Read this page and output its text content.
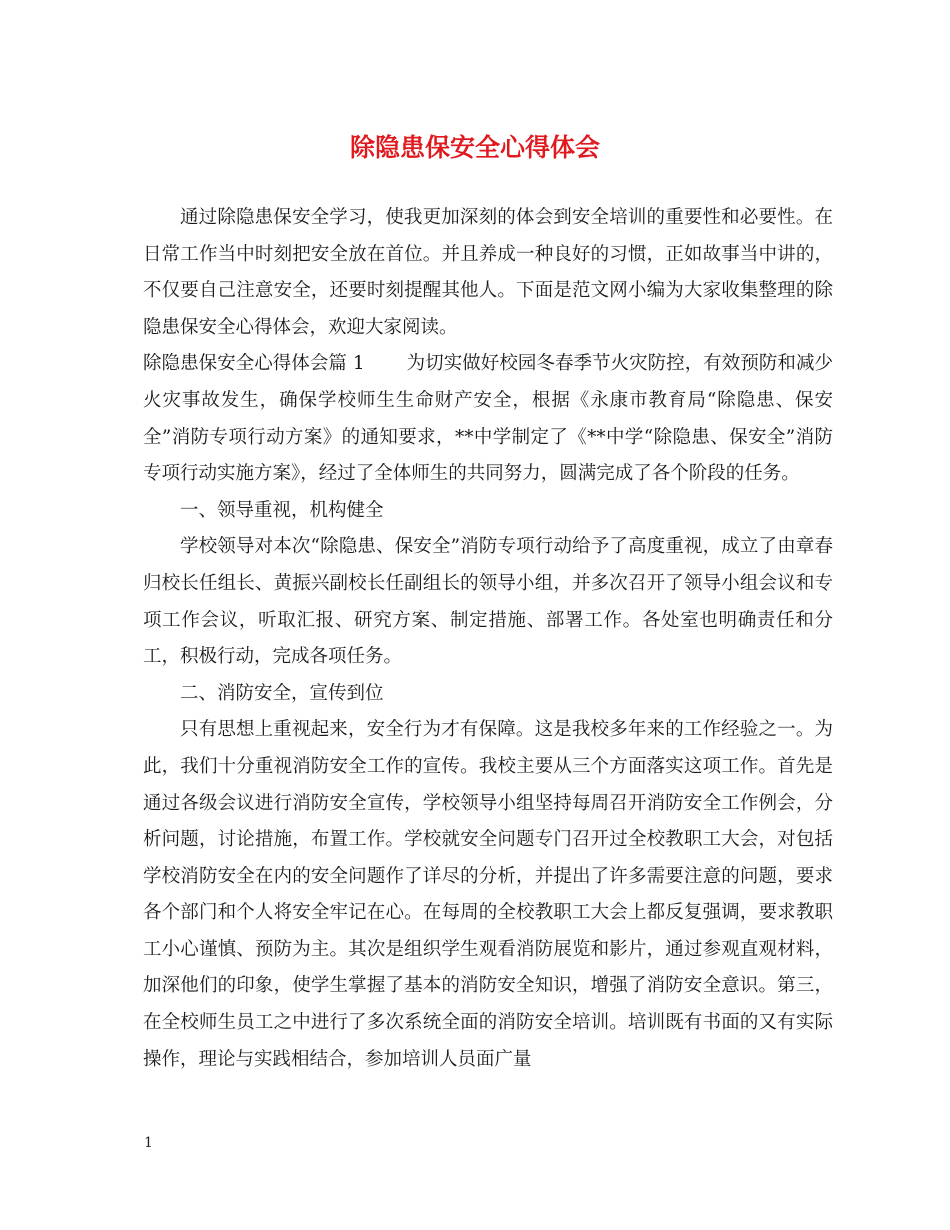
除隐患保安全心得体会

通过除隐患保安全学习，使我更加深刻的体会到安全培训的重要性和必要性。在日常工作当中时刻把安全放在首位。并且养成一种良好的习惯，正如故事当中讲的，不仅要自己注意安全，还要时刻提醒其他人。下面是范文网小编为大家收集整理的除隐患保安全心得体会，欢迎大家阅读。

除隐患保安全心得体会篇 1 为切实做好校园冬春季节火灾防控，有效预防和减少火灾事故发生，确保学校师生生命财产安全，根据《永康市教育局“除隐患、保安全”消防专项行动方案》的通知要求，**中学制定了《**中学“除隐患、保安全”消防专项行动实施方案》，经过了全体师生的共同努力，圆满完成了各个阶段的任务。

一、领导重视，机构健全

学校领导对本次“除隐患、保安全”消防专项行动给予了高度重视，成立了由章春归校长任组长、黄振兴副校长任副组长的领导小组，并多次召开了领导小组会议和专项工作会议，听取汇报、研究方案、制定措施、部署工作。各处室也明确责任和分工，积极行动，完成各项任务。

二、消防安全，宣传到位

只有思想上重视起来，安全行为才有保障。这是我校多年来的工作经验之一。为此，我们十分重视消防安全工作的宣传。我校主要从三个方面落实这项工作。首先是通过各级会议进行消防安全宣传，学校领导小组坚持每周召开消防安全工作例会，分析问题，讨论措施，布置工作。学校就安全问题专门召开过全校教职工大会，对包括学校消防安全在内的安全问题作了详尽的分析，并提出了许多需要注意的问题，要求各个部门和个人将安全牢记在心。在每周的全校教职工大会上都反复强调，要求教职工小心谨慎、预防为主。其次是组织学生观看消防展览和影片，通过参观直观材料，加深他们的印象，使学生掌握了基本的消防安全知识，增强了消防安全意识。第三，在全校师生员工之中进行了多次系统全面的消防安全培训。培训既有书面的又有实际操作，理论与实践相结合，参加培训人员面广量

1
